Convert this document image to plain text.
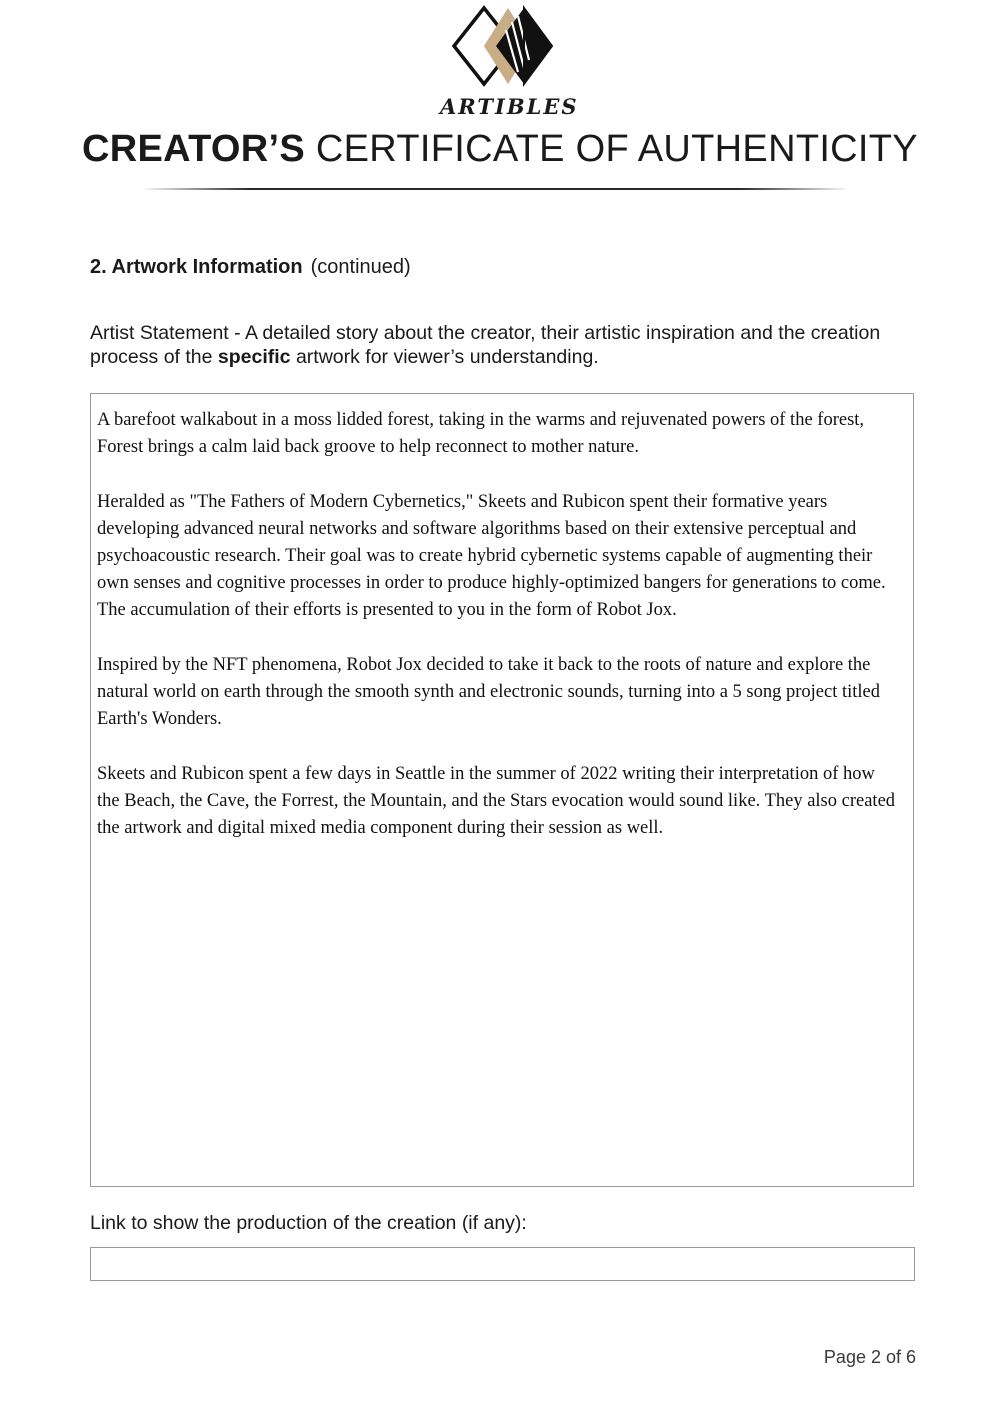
ARTIBLES
CREATOR’S CERTIFICATE OF AUTHENTICITY
2. Artwork Information (continued)
Artist Statement - A detailed story about the creator, their artistic inspiration and the creation process of the specific artwork for viewer’s understanding.

A barefoot walkabout in a moss lidded forest, taking in the warms and rejuvenated powers of the forest, Forest brings a calm laid back groove to help reconnect to mother nature.

Heralded as "The Fathers of Modern Cybernetics," Skeets and Rubicon spent their formative years developing advanced neural networks and software algorithms based on their extensive perceptual and psychoacoustic research. Their goal was to create hybrid cybernetic systems capable of augmenting their own senses and cognitive processes in order to produce highly-optimized bangers for generations to come. The accumulation of their efforts is presented to you in the form of Robot Jox.

Inspired by the NFT phenomena, Robot Jox decided to take it back to the roots of nature and explore the natural world on earth through the smooth synth and electronic sounds, turning into a 5 song project titled Earth's Wonders.

Skeets and Rubicon spent a few days in Seattle in the summer of 2022 writing their interpretation of how the Beach, the Cave, the Forrest, the Mountain, and the Stars evocation would sound like. They also created the artwork and digital mixed media component during their session as well.

Link to show the production of the creation (if any):
Page 2 of 6
